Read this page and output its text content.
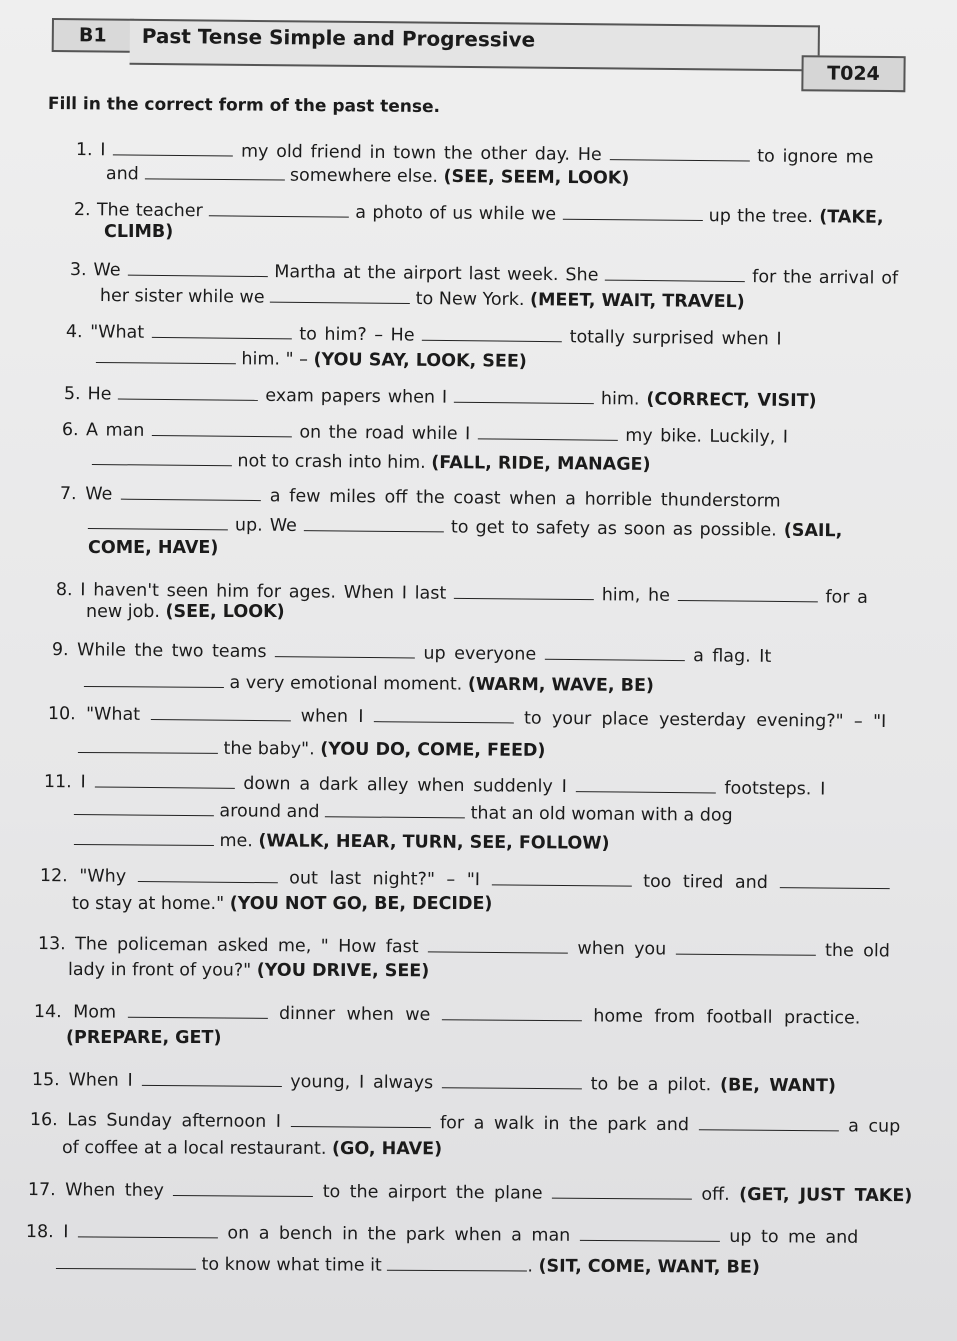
B1	Past Tense Simple and Progressive
T024
Fill in the correct form of the past tense.
1. I	my old friend in town the other day. He	to ignore me
and	somewhere else. (SEE, SEEM, LOOK)
2. The teacher	a photo of us while we	up the tree. (TAKE,
CLIMB)
3. We	Martha at the airport last week. She	for the arrival of
her sister while we	to New York. (MEET, WAIT, TRAVEL)
4. "What	to him? – He	totally surprised when I
him. " – (YOU SAY, LOOK, SEE)
5. He	exam papers when I	him. (CORRECT, VISIT)
6. A man	on the road while I	my bike. Luckily, I
not to crash into him. (FALL, RIDE, MANAGE)
7. We	a few miles off the coast when a horrible thunderstorm
up. We	to get to safety as soon as possible. (SAIL,
COME, HAVE)
8. I haven't seen him for ages. When I last	him, he	for a
new job. (SEE, LOOK)
9. While the two teams	up everyone	a flag. It
a very emotional moment. (WARM, WAVE, BE)
10. "What	when I	to your place yesterday evening?" – "I
the baby". (YOU DO, COME, FEED)
11. I	down a dark alley when suddenly I	footsteps. I
around and	that an old woman with a dog
me. (WALK, HEAR, TURN, SEE, FOLLOW)
12. "Why	out last night?" – "I	too tired and
to stay at home." (YOU NOT GO, BE, DECIDE)
13. The policeman asked me, " How fast	when you	the old
lady in front of you?" (YOU DRIVE, SEE)
14. Mom	dinner when we	home from football practice.
(PREPARE, GET)
15. When I	young, I always	to be a pilot. (BE, WANT)
16. Las Sunday afternoon I	for a walk in the park and	a cup
of coffee at a local restaurant. (GO, HAVE)
17. When they	to the airport the plane	off. (GET, JUST TAKE)
18. I	on a bench in the park when a man	up to me and
to know what time it	. (SIT, COME, WANT, BE)
